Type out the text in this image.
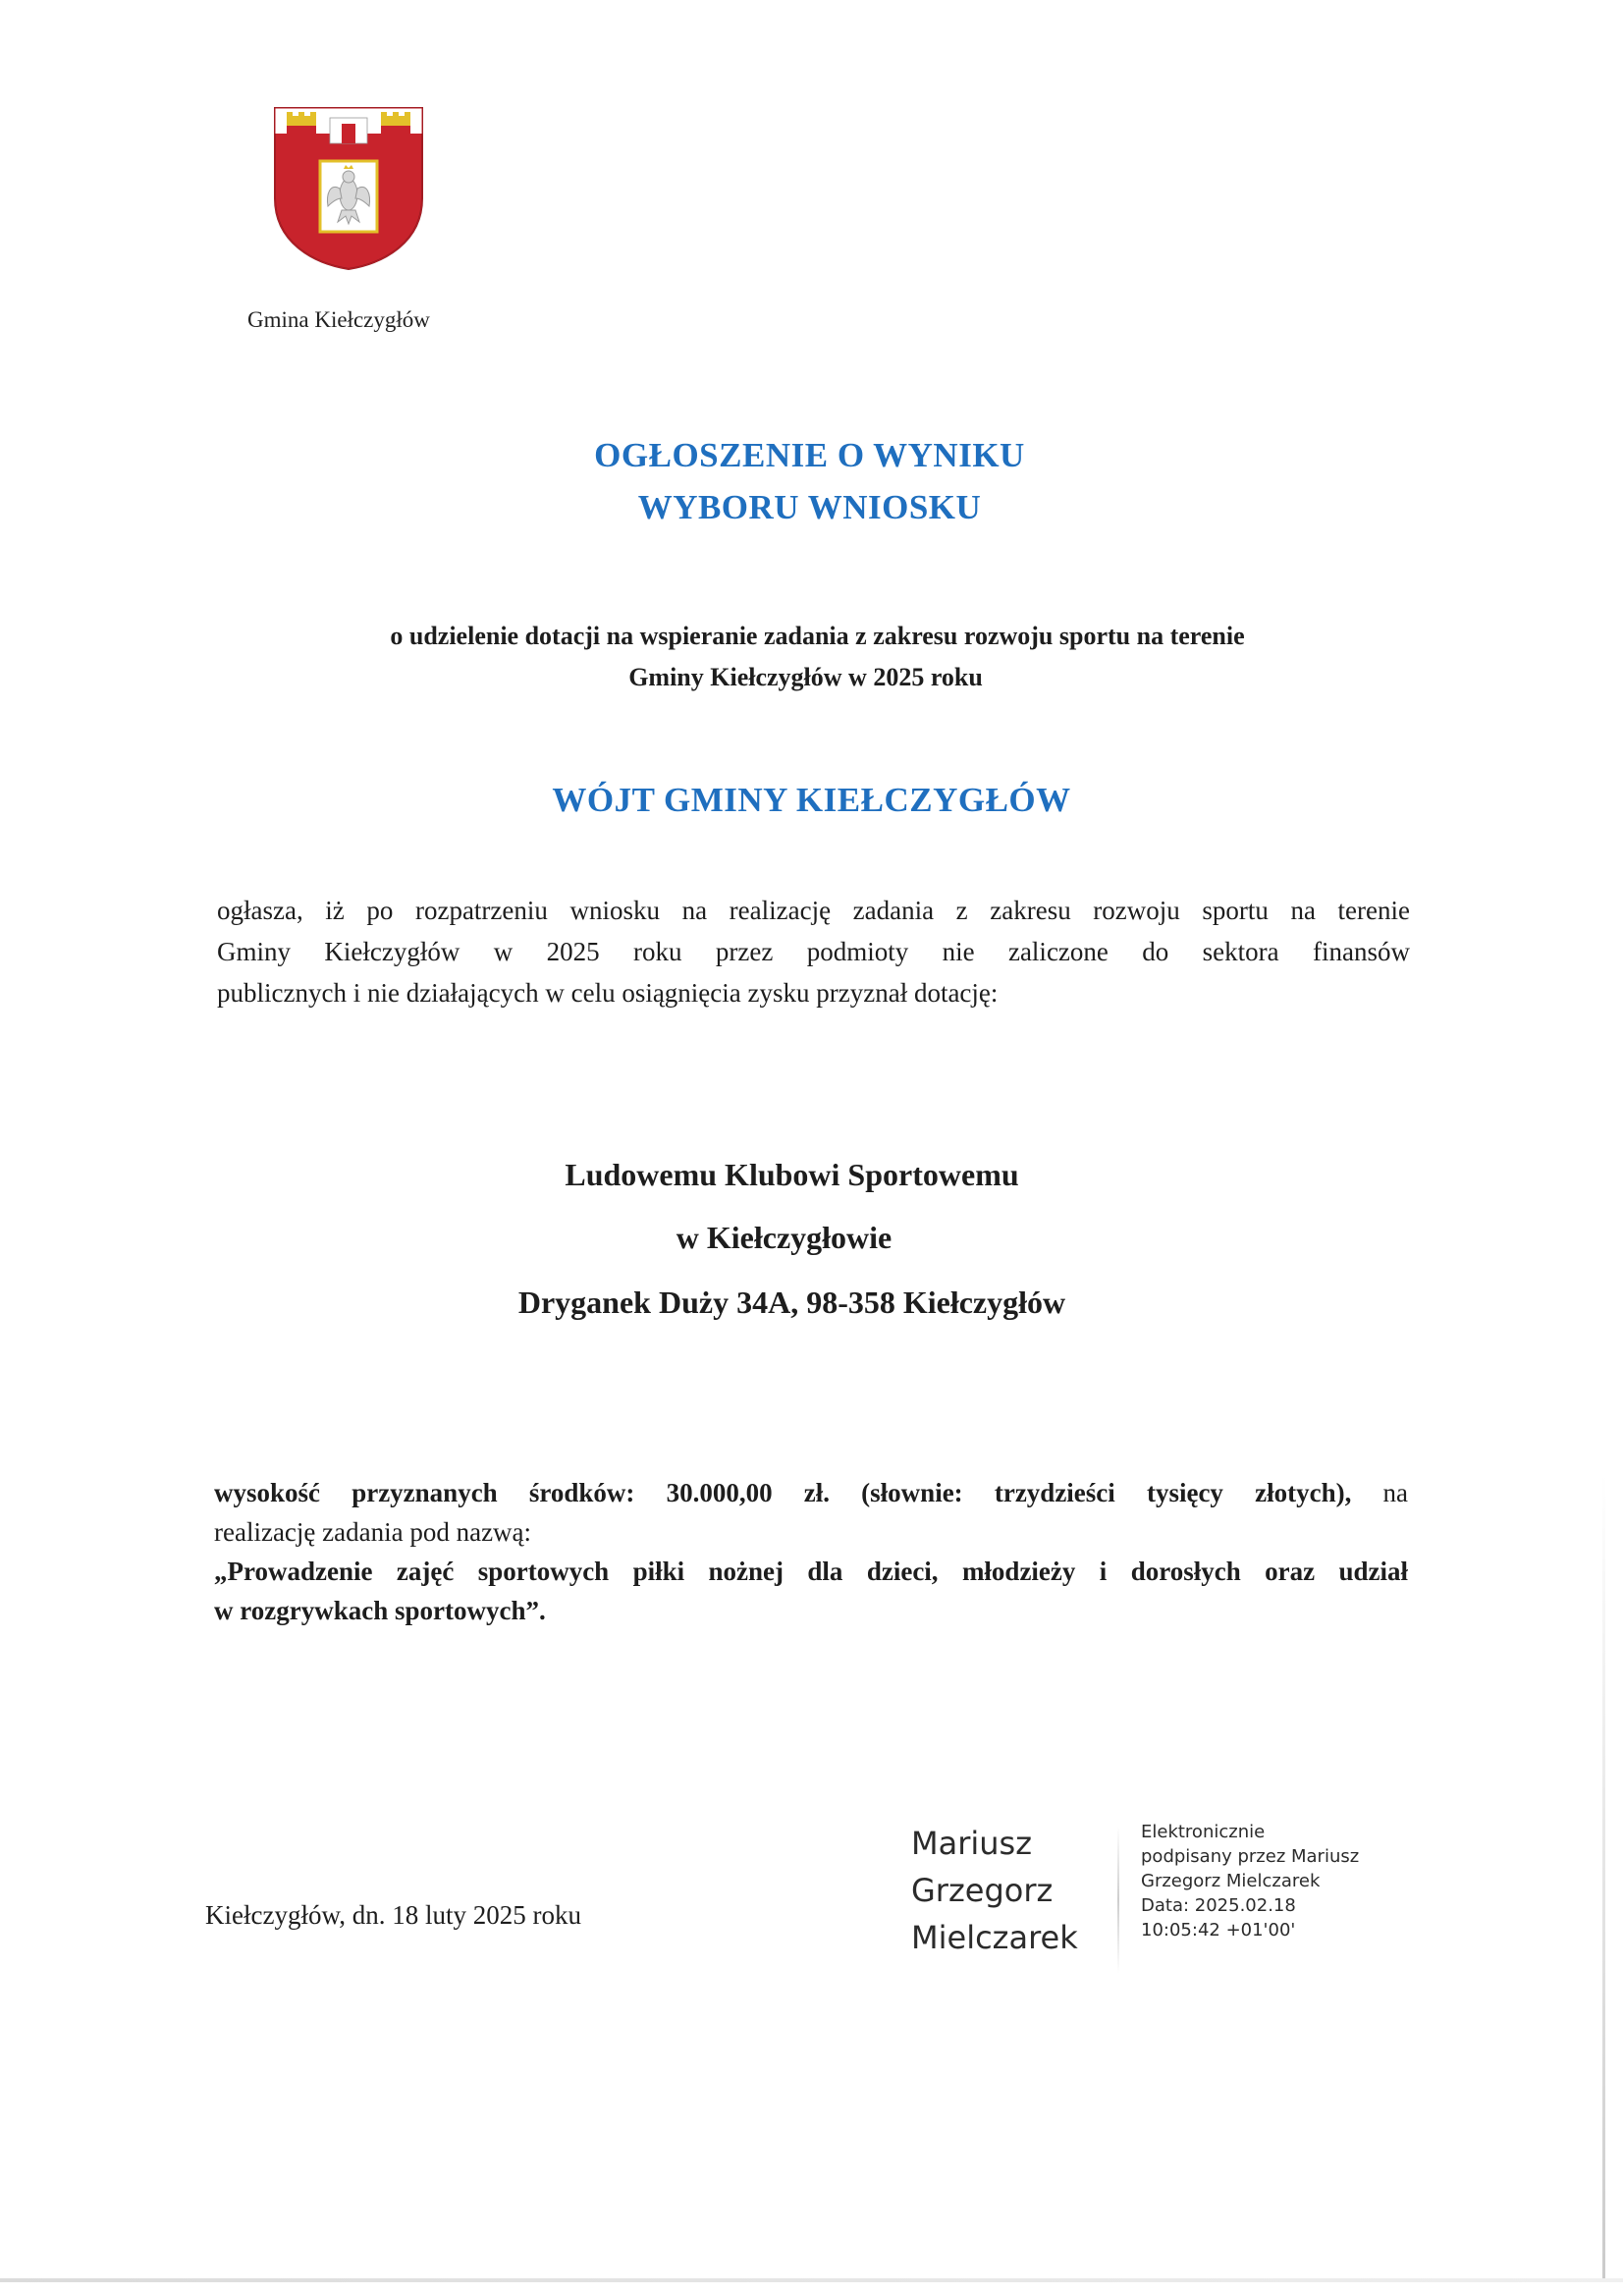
Gmina Kiełczygłów
OGŁOSZENIE O WYNIKU
WYBORU WNIOSKU
o udzielenie dotacji na wspieranie zadania z zakresu rozwoju sportu na terenie
Gminy Kiełczygłów w 2025 roku
WÓJT GMINY KIEŁCZYGŁÓW
ogłasza, iż po rozpatrzeniu wniosku na realizację zadania z zakresu rozwoju sportu na terenie
Gminy Kiełczygłów w 2025 roku przez podmioty nie zaliczone do sektora finansów
publicznych i nie działających w celu osiągnięcia zysku przyznał dotację:
Ludowemu Klubowi Sportowemu
w Kiełczygłowie
Dryganek Duży 34A, 98-358 Kiełczygłów
wysokość przyznanych środków: 30.000,00 zł. (słownie: trzydzieści tysięcy złotych), na
realizację zadania pod nazwą:
„Prowadzenie zajęć sportowych piłki nożnej dla dzieci, młodzieży i dorosłych oraz udział
w rozgrywkach sportowych”.
Kiełczygłów, dn. 18 luty 2025 roku
Mariusz
Grzegorz
Mielczarek
Elektronicznie
podpisany przez Mariusz
Grzegorz Mielczarek
Data: 2025.02.18
10:05:42 +01'00'
